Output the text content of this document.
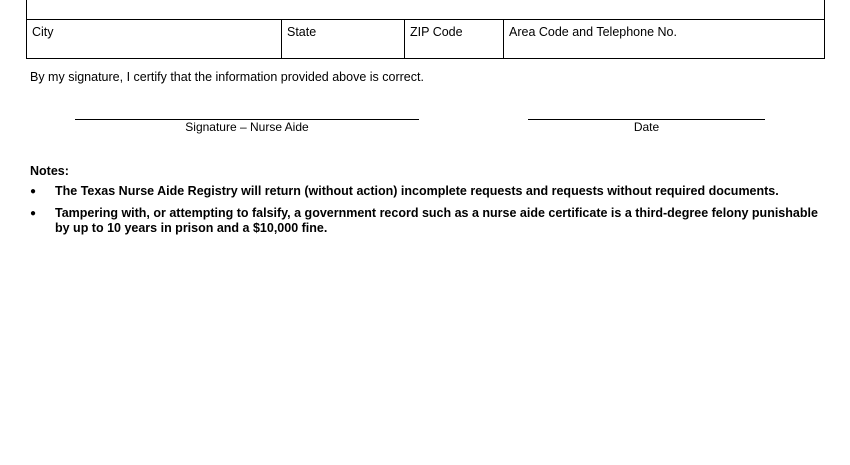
City	State	ZIP Code	Area Code and Telephone No.
By my signature, I certify that the information provided above is correct.
Signature – Nurse Aide	Date
Notes:
● The Texas Nurse Aide Registry will return (without action) incomplete requests and requests without required documents.
● Tampering with, or attempting to falsify, a government record such as a nurse aide certificate is a third-degree felony punishable by up to 10 years in prison and a $10,000 fine.
